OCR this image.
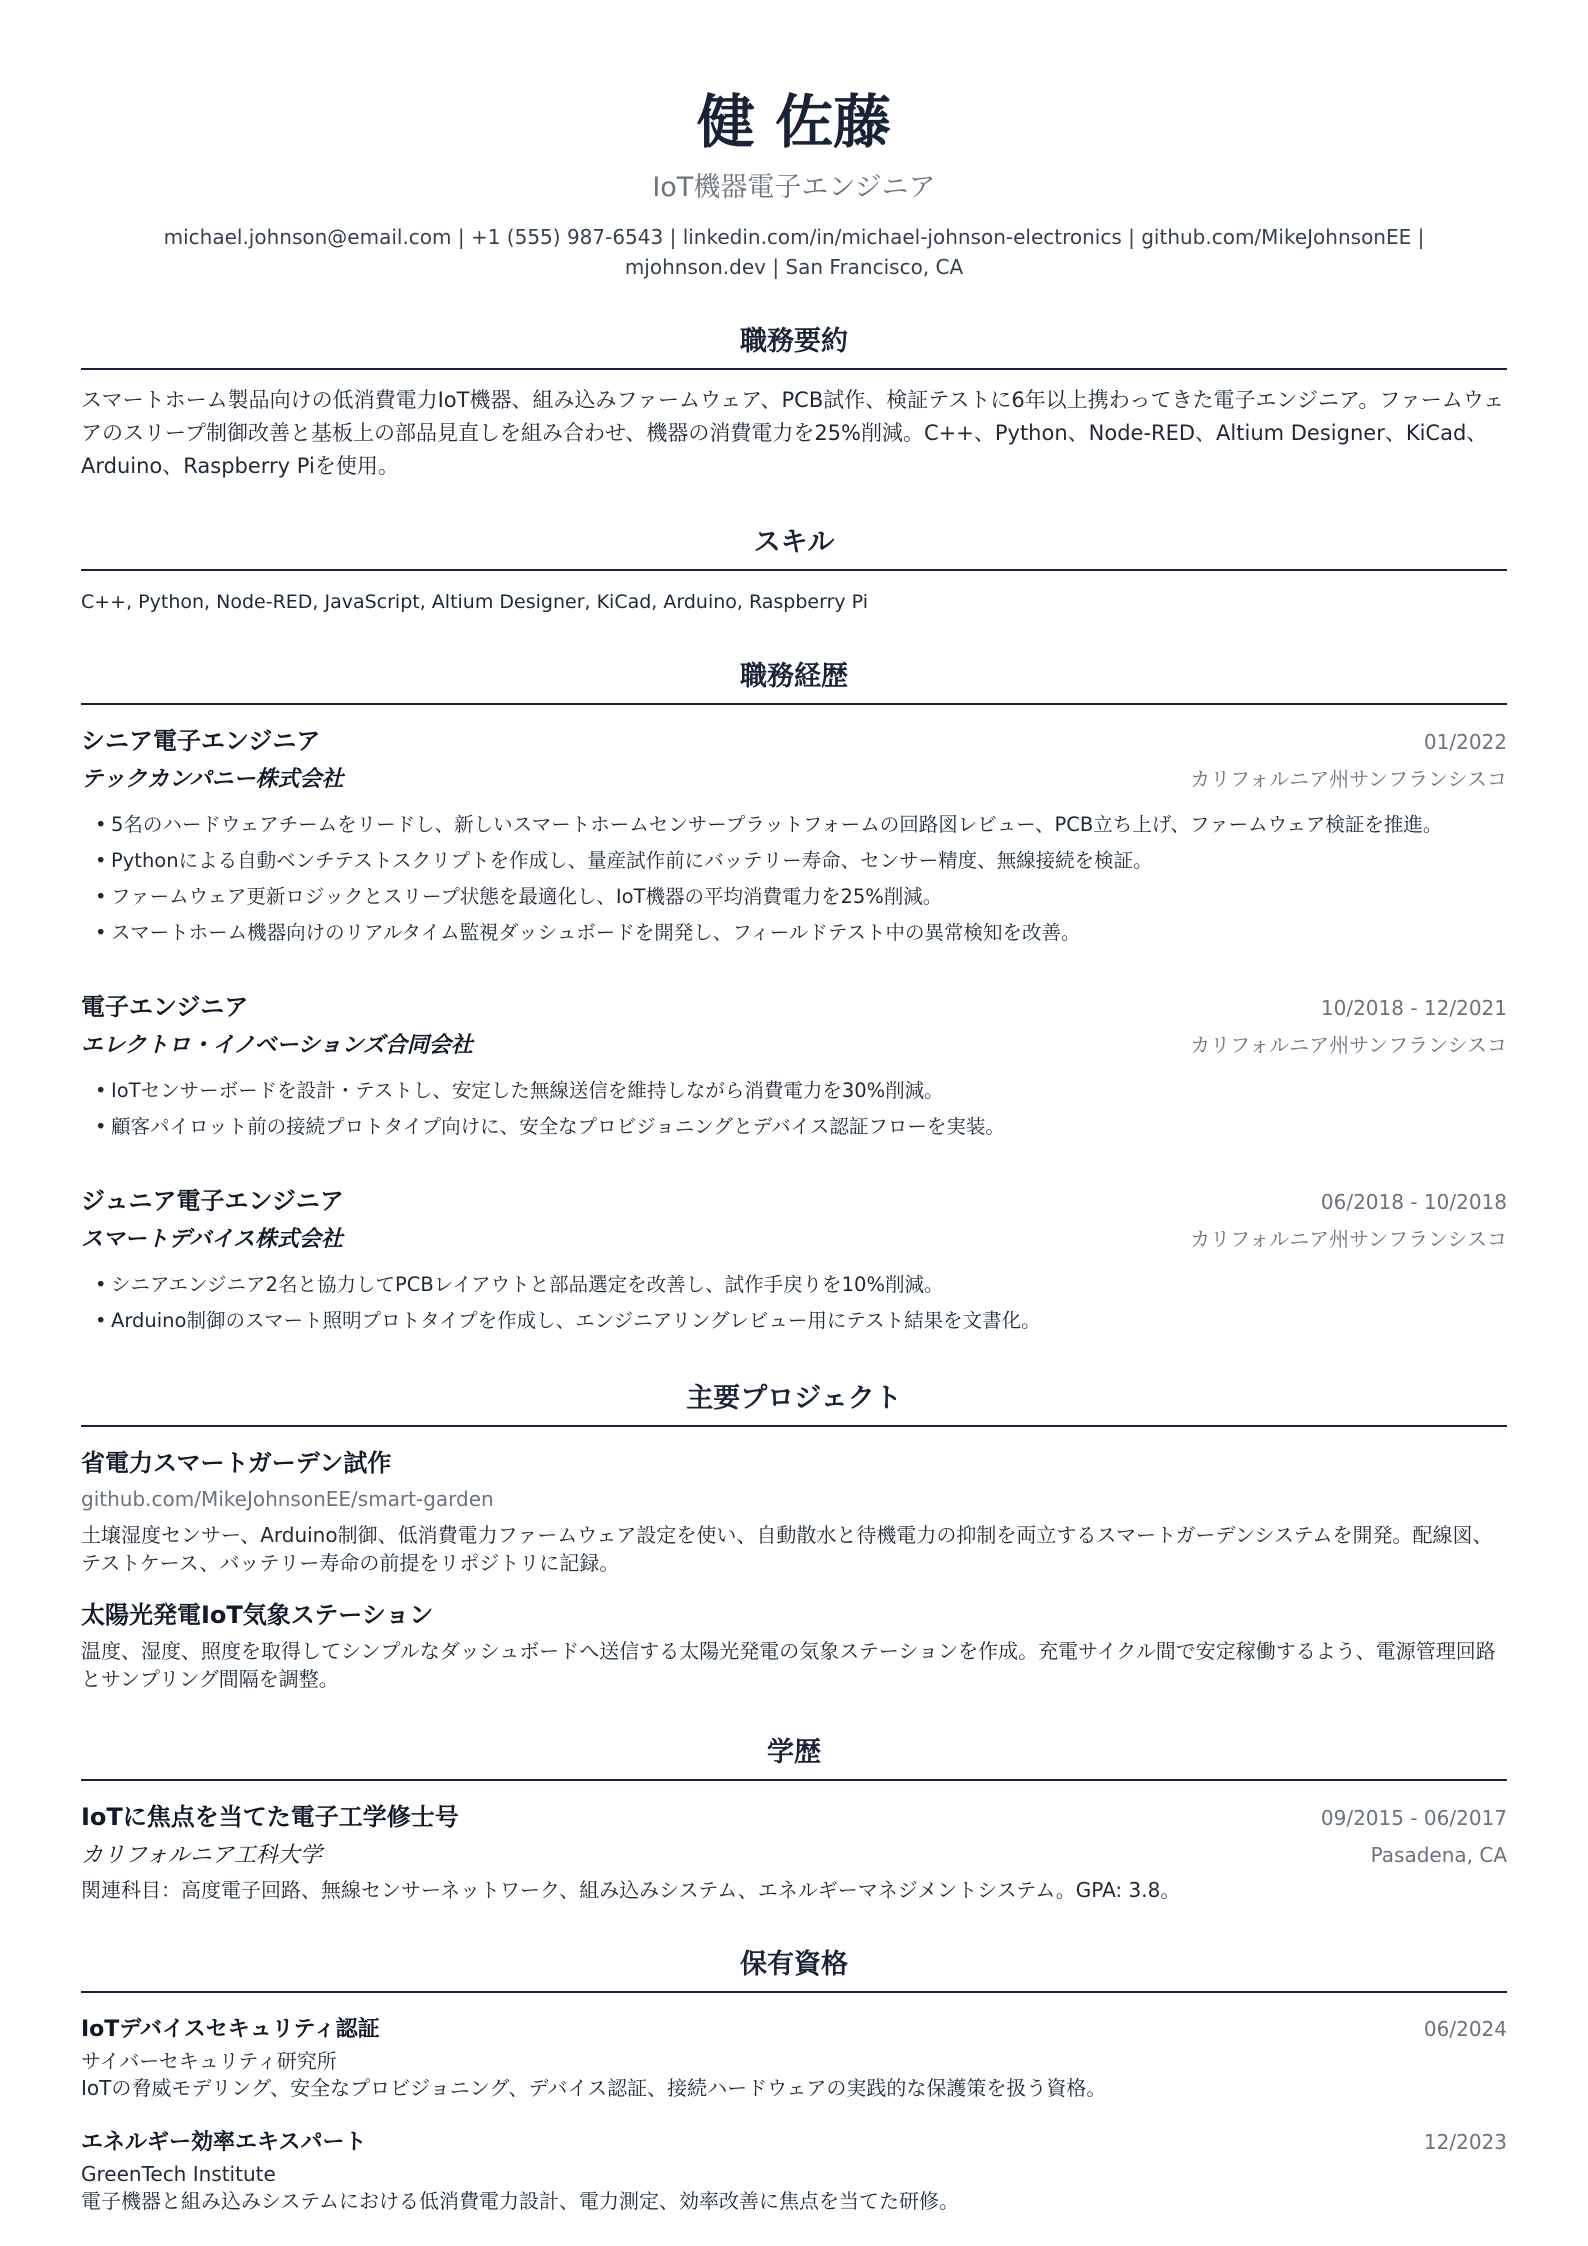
健 佐藤
IoT機器電子エンジニア
michael.johnson@email.com | +1 (555) 987-6543 | linkedin.com/in/michael-johnson-electronics | github.com/MikeJohnsonEE | mjohnson.dev | San Francisco, CA
職務要約

スマートホーム製品向けの低消費電力IoT機器、組み込みファームウェア、PCB試作、検証テストに6年以上携わってきた電子エンジニア。ファームウェアのスリープ制御改善と基板上の部品見直しを組み合わせ、機器の消費電力を25%削減。C++、Python、Node-RED、Altium Designer、KiCad、Arduino、Raspberry Piを使用。

スキル

C++, Python, Node-RED, JavaScript, Altium Designer, KiCad, Arduino, Raspberry Pi

職務経歴
シニア電子エンジニア	01/2022
テックカンパニー株式会社	カリフォルニア州サンフランシスコ
• 5名のハードウェアチームをリードし、新しいスマートホームセンサープラットフォームの回路図レビュー、PCB立ち上げ、ファームウェア検証を推進。
• Pythonによる自動ベンチテストスクリプトを作成し、量産試作前にバッテリー寿命、センサー精度、無線接続を検証。
• ファームウェア更新ロジックとスリープ状態を最適化し、IoT機器の平均消費電力を25%削減。
• スマートホーム機器向けのリアルタイム監視ダッシュボードを開発し、フィールドテスト中の異常検知を改善。
電子エンジニア	10/2018 - 12/2021
エレクトロ・イノベーションズ合同会社	カリフォルニア州サンフランシスコ
• IoTセンサーボードを設計・テストし、安定した無線送信を維持しながら消費電力を30%削減。
• 顧客パイロット前の接続プロトタイプ向けに、安全なプロビジョニングとデバイス認証フローを実装。
ジュニア電子エンジニア	06/2018 - 10/2018
スマートデバイス株式会社	カリフォルニア州サンフランシスコ
• シニアエンジニア2名と協力してPCBレイアウトと部品選定を改善し、試作手戻りを10%削減。
• Arduino制御のスマート照明プロトタイプを作成し、エンジニアリングレビュー用にテスト結果を文書化。
主要プロジェクト
省電力スマートガーデン試作
github.com/MikeJohnsonEE/smart-garden

土壌湿度センサー、Arduino制御、低消費電力ファームウェア設定を使い、自動散水と待機電力の抑制を両立するスマートガーデンシステムを開発。配線図、テストケース、バッテリー寿命の前提をリポジトリに記録。

太陽光発電IoT気象ステーション

温度、湿度、照度を取得してシンプルなダッシュボードへ送信する太陽光発電の気象ステーションを作成。充電サイクル間で安定稼働するよう、電源管理回路とサンプリング間隔を調整。

学歴
IoTに焦点を当てた電子工学修士号	09/2015 - 06/2017
カリフォルニア工科大学	Pasadena, CA

関連科目：高度電子回路、無線センサーネットワーク、組み込みシステム、エネルギーマネジメントシステム。GPA: 3.8。

保有資格
IoTデバイスセキュリティ認証	06/2024
サイバーセキュリティ研究所
IoTの脅威モデリング、安全なプロビジョニング、デバイス認証、接続ハードウェアの実践的な保護策を扱う資格。
エネルギー効率エキスパート	12/2023
GreenTech Institute
電子機器と組み込みシステムにおける低消費電力設計、電力測定、効率改善に焦点を当てた研修。
